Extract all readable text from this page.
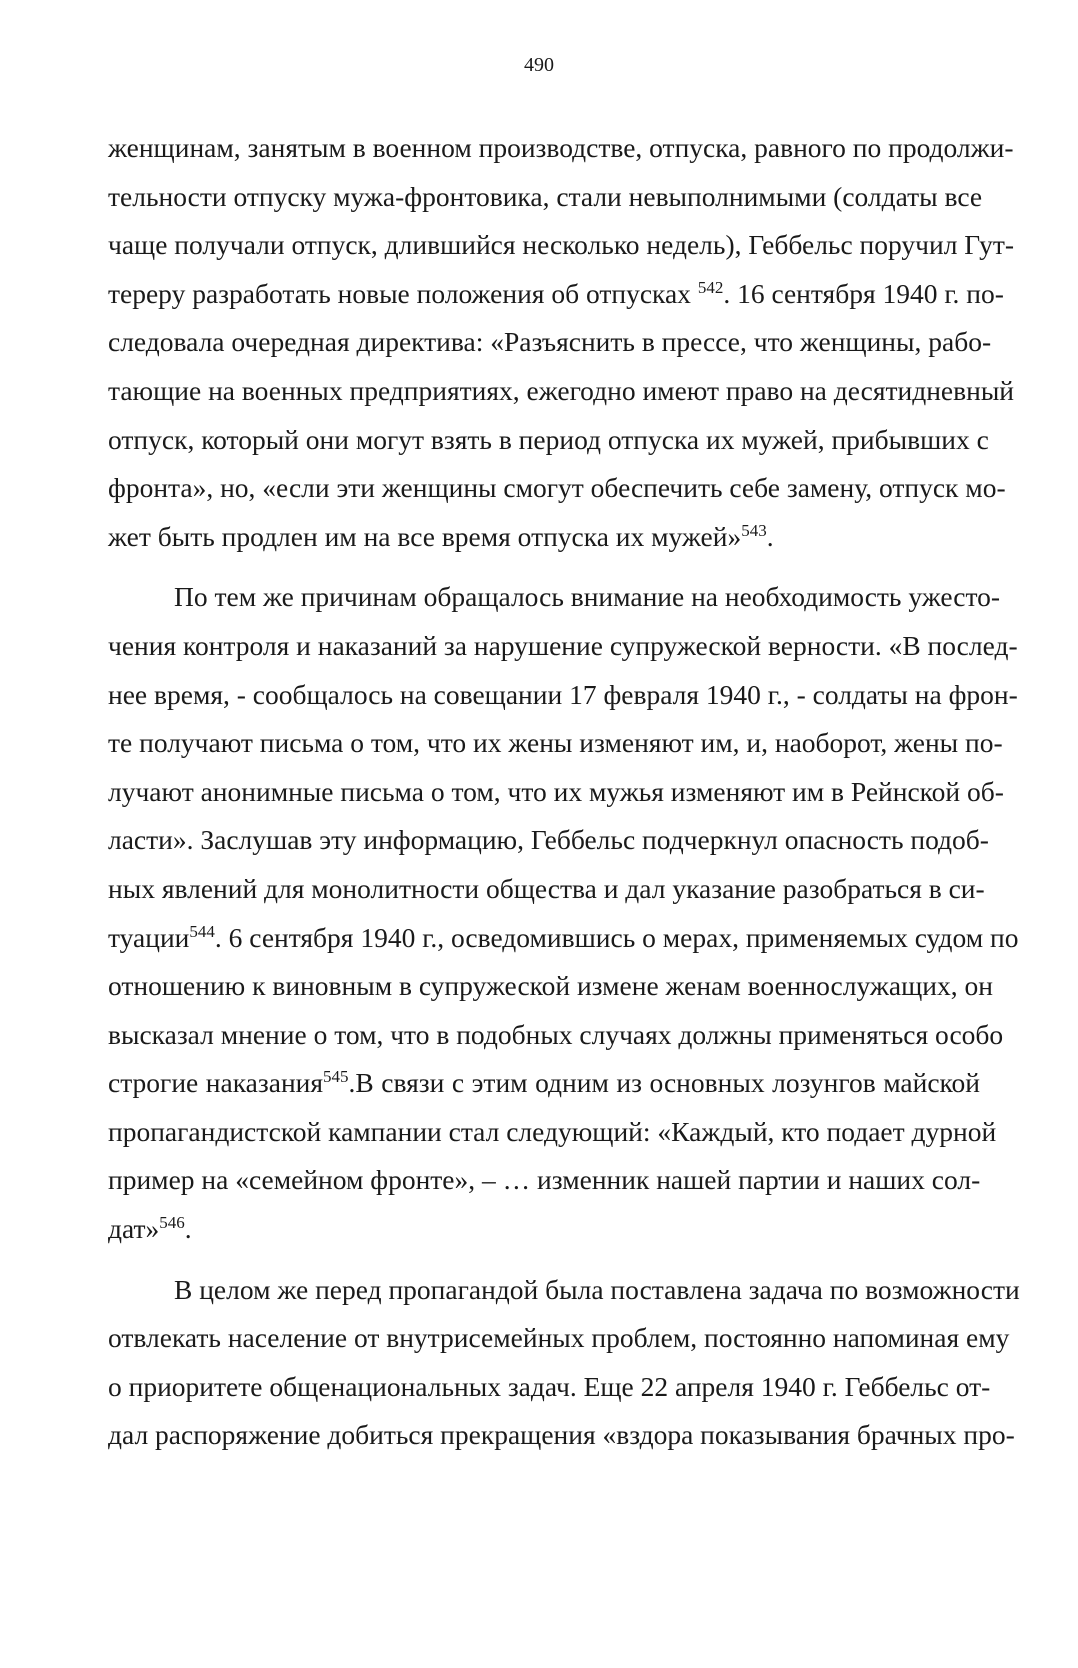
490
женщинам, занятым в военном производстве, отпуска, равного по продолжи-
тельности отпуску мужа-фронтовика, стали невыполнимыми (солдаты все
чаще получали отпуск, длившийся несколько недель), Геббельс поручил Гут-
тереру разработать новые положения об отпусках $^{542}$. 16 сентября 1940 г. по-
следовала очередная директива: «Разъяснить в прессе, что женщины, рабо-
тающие на военных предприятиях, ежегодно имеют право на десятидневный
отпуск, который они могут взять в период отпуска их мужей, прибывших с
фронта», но, «если эти женщины смогут обеспечить себе замену, отпуск мо-
жет быть продлен им на все время отпуска их мужей»$^{543}$.
По тем же причинам обращалось внимание на необходимость ужесто-
чения контроля и наказаний за нарушение супружеской верности. «В послед-
нее время, - сообщалось на совещании 17 февраля 1940 г., - солдаты на фрон-
те получают письма о том, что их жены изменяют им, и, наоборот, жены по-
лучают анонимные письма о том, что их мужья изменяют им в Рейнской об-
ласти». Заслушав эту информацию, Геббельс подчеркнул опасность подоб-
ных явлений для монолитности общества и дал указание разобраться в си-
туации$^{544}$. 6 сентября 1940 г., осведомившись о мерах, применяемых судом по
отношению к виновным в супружеской измене женам военнослужащих, он
высказал мнение о том, что в подобных случаях должны применяться особо
строгие наказания$^{545}$.В связи с этим одним из основных лозунгов майской
пропагандистской кампании стал следующий: «Каждый, кто подает дурной
пример на «семейном фронте», – … изменник нашей партии и наших сол-
дат»$^{546}$.
В целом же перед пропагандой была поставлена задача по возможности
отвлекать население от внутрисемейных проблем, постоянно напоминая ему
о приоритете общенациональных задач. Еще 22 апреля 1940 г. Геббельс от-
дал распоряжение добиться прекращения «вздора показывания брачных про-
